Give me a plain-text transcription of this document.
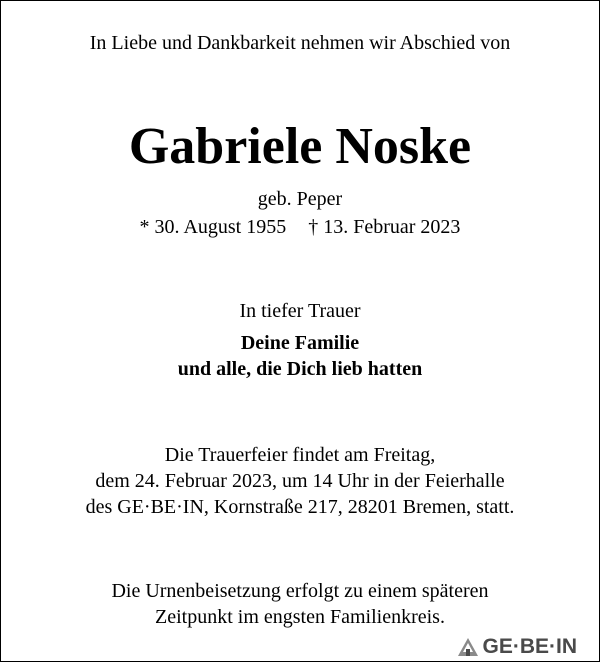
In Liebe und Dankbarkeit nehmen wir Abschied von
Gabriele Noske
geb. Peper
* 30. August 1955 † 13. Februar 2023
In tiefer Trauer
Deine Familie
und alle, die Dich lieb hatten
Die Trauerfeier findet am Freitag,
dem 24. Februar 2023, um 14 Uhr in der Feierhalle
des GE·BE·IN, Kornstraße 217, 28201 Bremen, statt.
Die Urnenbeisetzung erfolgt zu einem späteren
Zeitpunkt im engsten Familienkreis.
GE·BE·IN
